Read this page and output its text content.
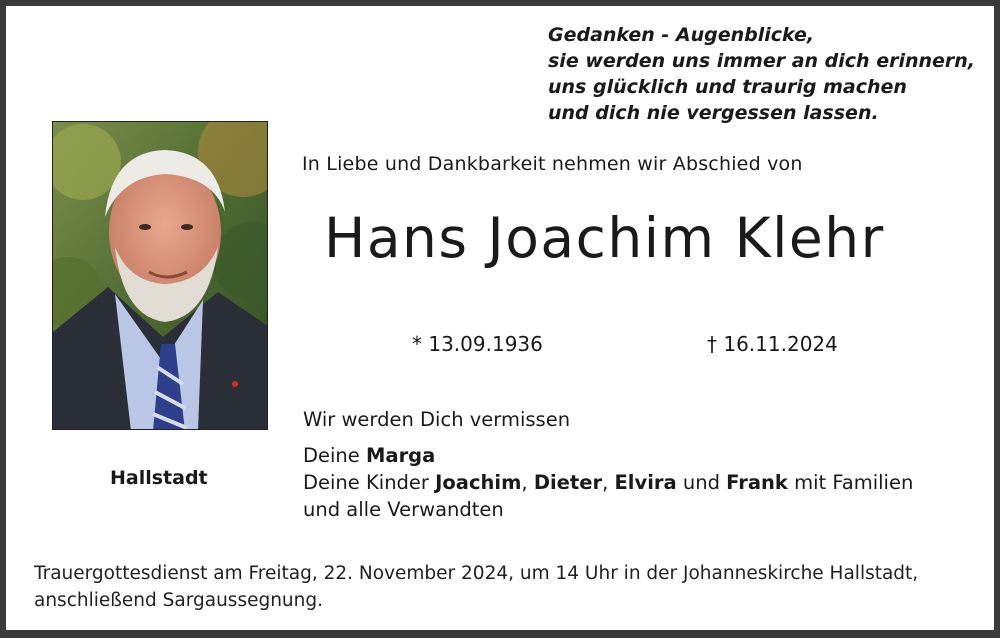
Gedanken - Augenblicke,
sie werden uns immer an dich erinnern,
uns glücklich und traurig machen
und dich nie vergessen lassen.
In Liebe und Dankbarkeit nehmen wir Abschied von
Hans Joachim Klehr
* 13.09.1936	† 16.11.2024
Wir werden Dich vermissen
Hallstadt
Deine Marga
Deine Kinder Joachim, Dieter, Elvira und Frank mit Familien
und alle Verwandten
Trauergottesdienst am Freitag, 22. November 2024, um 14 Uhr in der Johanneskirche Hallstadt,
anschließend Sargaussegnung.
